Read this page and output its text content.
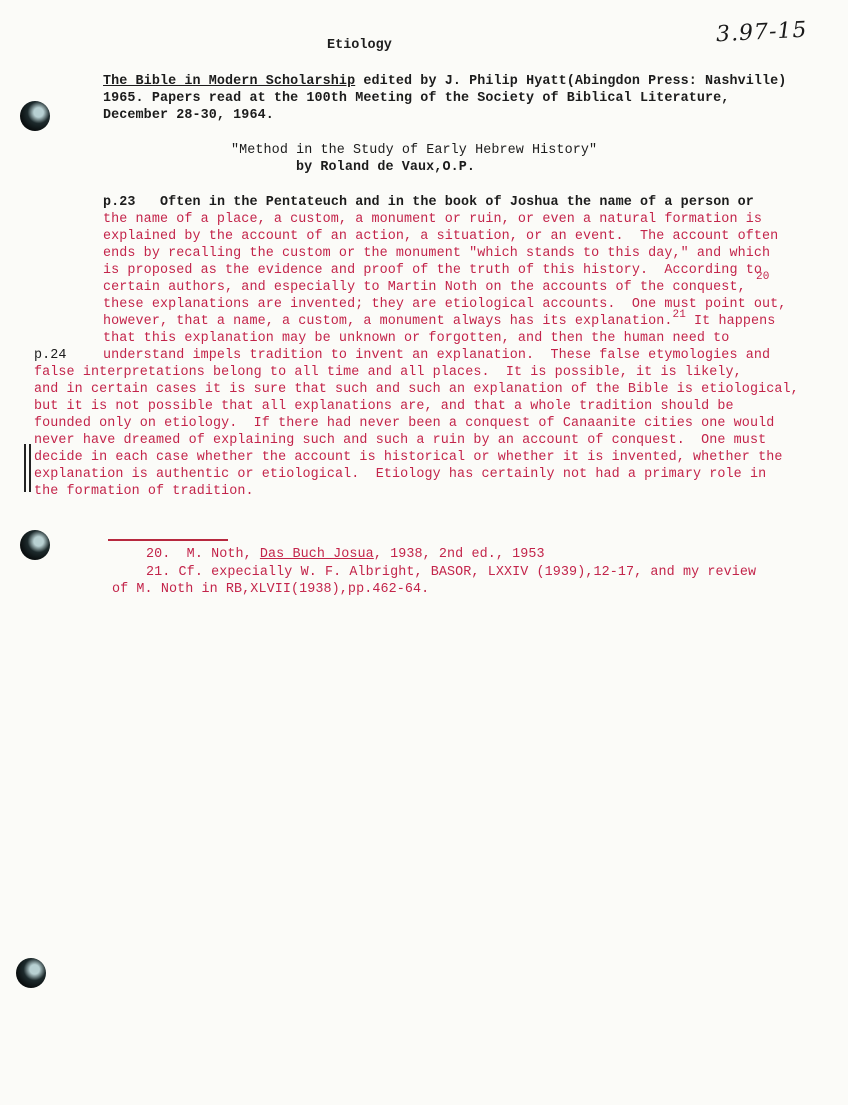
3.97-15
Etiology
The Bible in Modern Scholarship edited by J. Philip Hyatt(Abingdon Press: Nashville)
1965. Papers read at the 100th Meeting of the Society of Biblical Literature,
December 28-30, 1964.
"Method in the Study of Early Hebrew History"
by Roland de Vaux,O.P.
p.23 Often in the Pentateuch and in the book of Joshua the name of a person or
the name of a place, a custom, a monument or ruin, or even a natural formation is
explained by the account of an action, a situation, or an event.  The account often
ends by recalling the custom or the monument "which stands to this day," and which
is proposed as the evidence and proof of the truth of this history.  According $to_{20}$
certain authors, and especially to Martin Noth on the accounts of the conquest,
these explanations are invented; they are etiological accounts.  One must point out,
however, that a name, a custom, a monument always has its explanation.$^{21}$ It happens
that this explanation may be unknown or forgotten, and then the human need to
p.24	understand impels tradition to invent an explanation.  These false etymologies and
false interpretations belong to all time and all places.  It is possible, it is likely,
and in certain cases it is sure that such and such an explanation of the Bible is etiological,
but it is not possible that all explanations are, and that a whole tradition should be
founded only on etiology.  If there had never been a conquest of Canaanite cities one would
never have dreamed of explaining such and such a ruin by an account of conquest.  One must
decide in each case whether the account is historical or whether it is invented, whether the
explanation is authentic or etiological.  Etiology has certainly not had a primary role in
the formation of tradition.
20.  M. Noth, Das Buch Josua, 1938, 2nd ed., 1953
21. Cf. expecially W. F. Albright, BASOR, LXXIV (1939),12-17, and my review
of M. Noth in RB,XLVII(1938),pp.462-64.
